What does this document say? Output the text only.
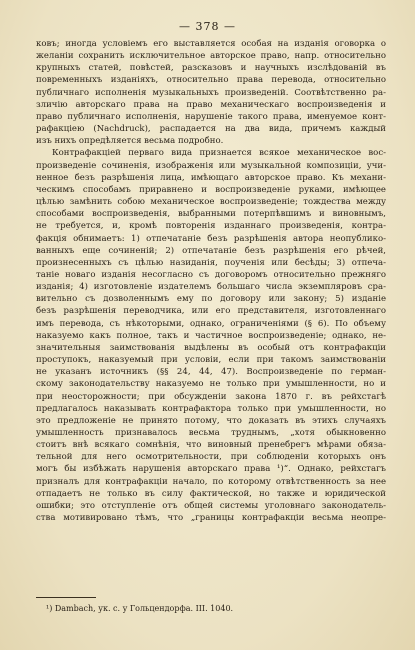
— 378 —
ковъ; иногда условіемъ его выставляется особая на изданія оговорка о
желаніи сохранить исключительное авторское право, напр. относительно
крупныхъ статей, повѣстей, разсказовъ и научныхъ изслѣдованій въ
повременныхъ изданіяхъ, относительно права перевода, относительно
публичнаго исполненія музыкальныхъ произведеній. Соотвѣтственно ра-
зличію авторскаго права на право механическаго воспроизведенія и
право публичнаго исполненія, нарушеніе такого права, именуемое конт-
рафакціею (Nachdruck), распадается на два вида, причемъ каждый
изъ нихъ опредѣляется весьма подробно.
Контрафакціей перваго вида признается всякое механическое вос-
произведеніе сочиненія, изображенія или музыкальной композиціи, учи-
ненное безъ разрѣшенія лица, имѣющаго авторское право. Къ механи-
ческимъ способамъ приравнено и воспроизведеніе руками, имѣющее
цѣлью замѣнить собою механическое воспроизведеніе; тождества между
способами воспроизведенія, выбранными потерпѣвшимъ и виновнымъ,
не требуется, и, кромѣ повторенія изданнаго произведенія, контра-
факція обнимаетъ: 1) отпечатаніе безъ разрѣшенія автора неопублико-
ванныхъ еще сочиненій; 2) отпечатаніе безъ разрѣшенія его рѣчей,
произнесенныхъ съ цѣлью назиданія, поученія или бесѣды; 3) отпеча-
таніе новаго изданія несогласно съ договоромъ относительно прежняго
изданія; 4) изготовленіе издателемъ большаго числа экземпляровъ сра-
вительно съ дозволеннымъ ему по договору или закону; 5) изданіе
безъ разрѣшенія переводчика, или его представителя, изготовленнаго
имъ перевода, съ нѣкоторыми, однако, ограниченіями (§ 6). По объему
наказуемо какъ полное, такъ и частичное воспроизведеніе; однако, не-
значительныя заимствованія выдѣлены въ особый отъ контрафакціи
проступокъ, наказуемый при условіи, если при такомъ заимствованіи
не указанъ источникъ (§§ 24, 44, 47). Воспроизведеніе по герман-
скому законодательству наказуемо не только при умышленности, но и
при неосторожности; при обсужденіи закона 1870 г. въ рейхстагѣ
предлагалось наказывать контрафактора только при умышленности, но
это предложеніе не принято потому, что доказать въ этихъ случаяхъ
умышленность признавалось весьма труднымъ, „хотя обыкновенно
стоитъ внѣ всякаго сомнѣнія, что виновный пренебрегъ мѣрами обяза-
тельной для него осмотрительности, при соблюденіи которыхъ онъ
могъ бы избѣжать нарушенія авторскаго права ¹)“. Однако, рейхстагъ
призналъ для контрафакціи начало, по которому отвѣтственность за нее
отпадаетъ не только въ силу фактической, но также и юридической
ошибки; это отступленіе отъ общей системы уголовнаго законодатель-
ства мотивировано тѣмъ, что „границы контрафакціи весьма неопре-
¹) Dambach, ук. с. у Гольцендорфа. III. 1040.
